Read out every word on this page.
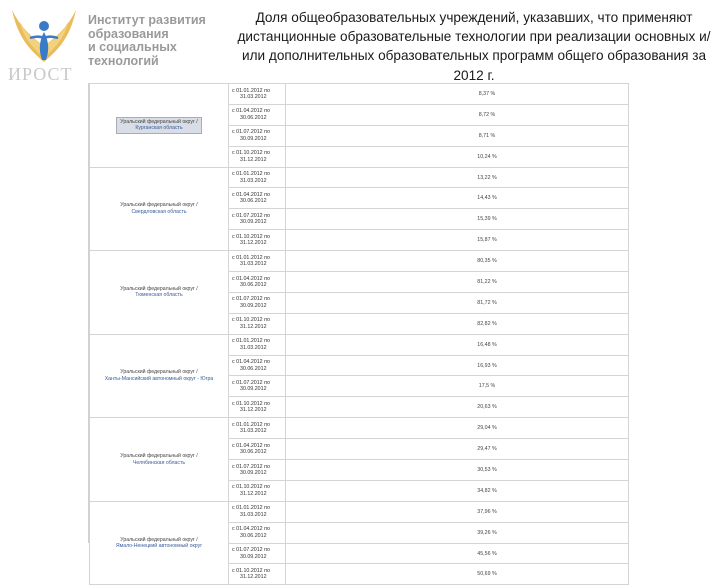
Институт развития
образования
и социальных
технологий
ИРОСТ
Доля общеобразовательных учреждений, указавших, что применяют дистанционные образовательные технологии при реализации основных и/или дополнительных образовательных программ общего образования за 2012 г.
Уральский федеральный округ /
Курганская область	с 01.01.2012 по
31.03.2012	8,37 %
	с 01.04.2012 по
30.06.2012	8,72 %
	с 01.07.2012 по
30.09.2012	8,71 %
	с 01.10.2012 по
31.12.2012	10,24 %

Уральский федеральный округ /
Свердловская область	с 01.01.2012 по
31.03.2012	13,22 %
	с 01.04.2012 по
30.06.2012	14,43 %
	с 01.07.2012 по
30.09.2012	15,39 %
	с 01.10.2012 по
31.12.2012	15,87 %

Уральский федеральный округ /
Тюменская область	с 01.01.2012 по
31.03.2012	80,35 %
	с 01.04.2012 по
30.06.2012	81,22 %
	с 01.07.2012 по
30.09.2012	81,72 %
	с 01.10.2012 по
31.12.2012	82,82 %

Уральский федеральный округ /
Ханты-Мансийский автономный округ - Югра	с 01.01.2012 по
31.03.2012	16,48 %
	с 01.04.2012 по
30.06.2012	16,93 %
	с 01.07.2012 по
30.09.2012	17,5 %
	с 01.10.2012 по
31.12.2012	20,63 %

Уральский федеральный округ /
Челябинская область	с 01.01.2012 по
31.03.2012	29,04 %
	с 01.04.2012 по
30.06.2012	29,47 %
	с 01.07.2012 по
30.09.2012	30,53 %
	с 01.10.2012 по
31.12.2012	34,82 %

Уральский федеральный округ /
Ямало-Ненецкий автономный округ	с 01.01.2012 по
31.03.2012	37,96 %
	с 01.04.2012 по
30.06.2012	39,26 %
	с 01.07.2012 по
30.09.2012	45,56 %
	с 01.10.2012 по
31.12.2012	50,69 %
